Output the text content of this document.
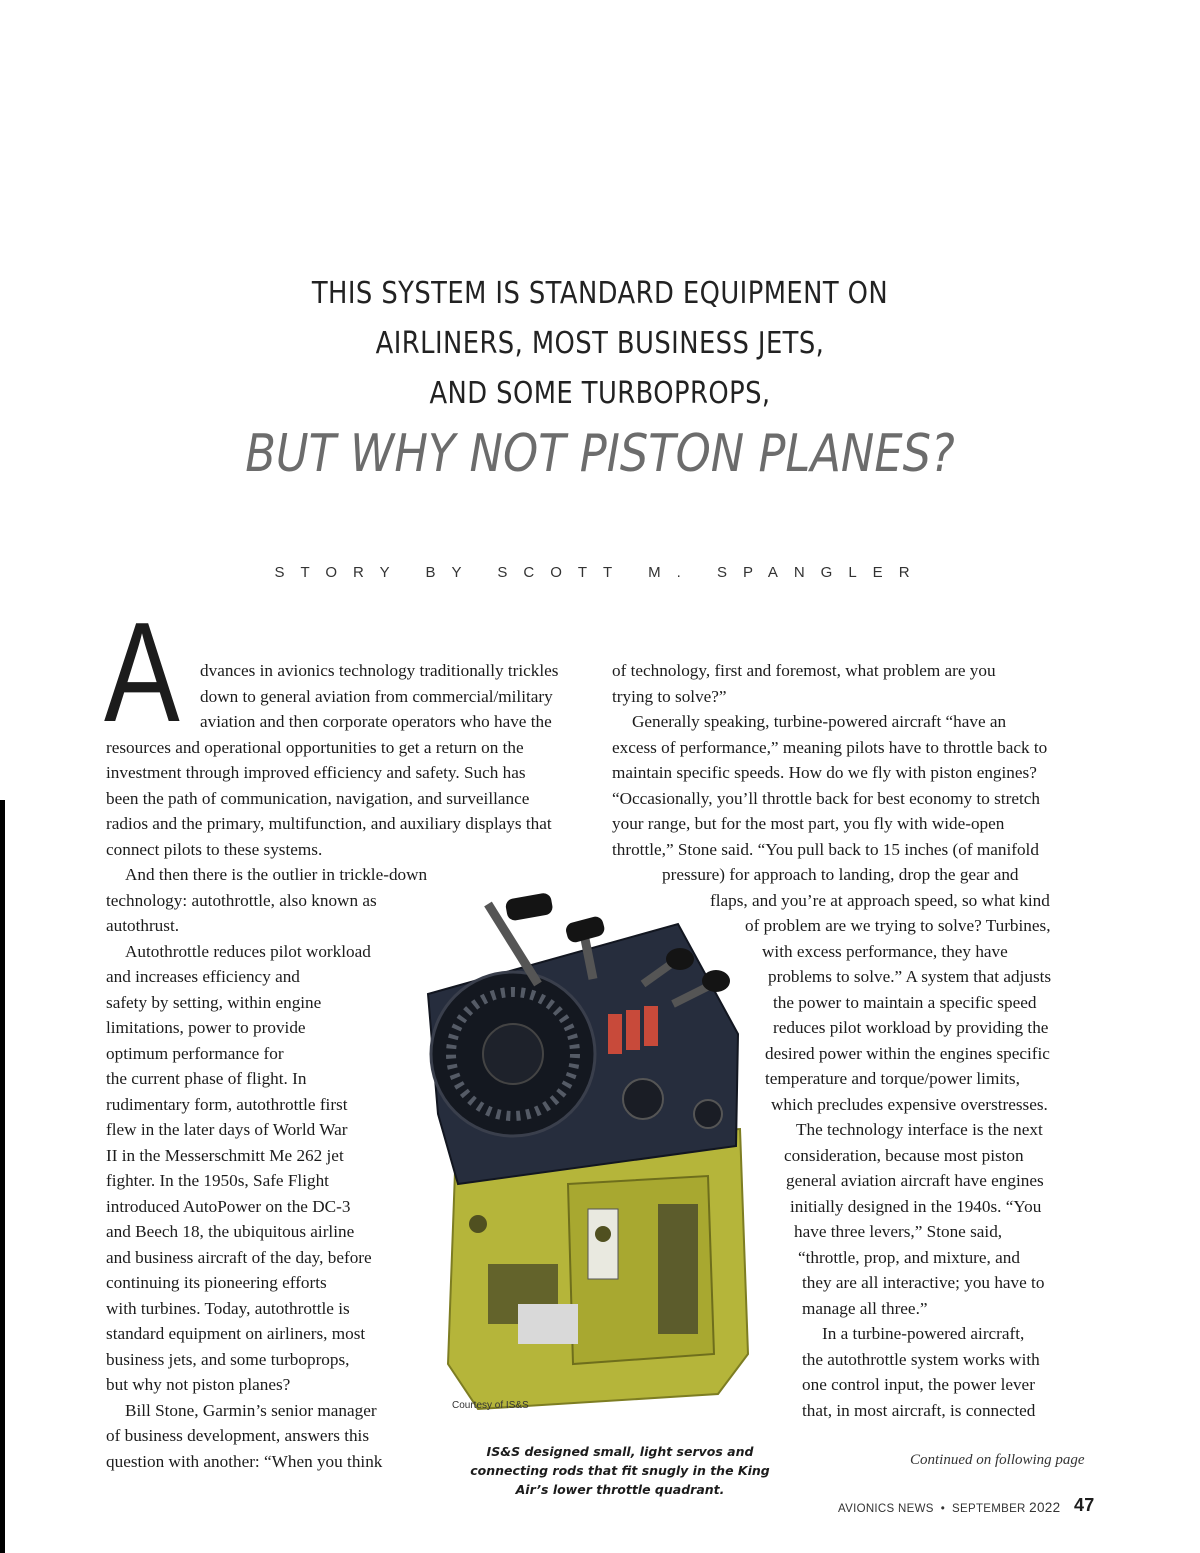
THIS SYSTEM IS STANDARD EQUIPMENT ON
AIRLINERS, MOST BUSINESS JETS,
AND SOME TURBOPROPS,
BUT WHY NOT PISTON PLANES?
STORY BY SCOTT M. SPANGLER
A dvances in avionics technology traditionally trickles
down to general aviation from commercial/military
aviation and then corporate operators who have the
resources and operational opportunities to get a return on the
investment through improved efficiency and safety. Such has
been the path of communication, navigation, and surveillance
radios and the primary, multifunction, and auxiliary displays that
connect pilots to these systems.
And then there is the outlier in trickle-down
technology: autothrottle, also known as
autothrust.
Autothrottle reduces pilot workload
and increases efficiency and
safety by setting, within engine
limitations, power to provide
optimum performance for
the current phase of flight. In
rudimentary form, autothrottle first
flew in the later days of World War
II in the Messerschmitt Me 262 jet
fighter. In the 1950s, Safe Flight
introduced AutoPower on the DC-3
and Beech 18, the ubiquitous airline
and business aircraft of the day, before
continuing its pioneering efforts
with turbines. Today, autothrottle is
standard equipment on airliners, most
business jets, and some turboprops,
but why not piston planes?
Bill Stone, Garmin’s senior manager
of business development, answers this
question with another: “When you think
of technology, first and foremost, what problem are you
trying to solve?”
Generally speaking, turbine-powered aircraft “have an
excess of performance,” meaning pilots have to throttle back to
maintain specific speeds. How do we fly with piston engines?
“Occasionally, you’ll throttle back for best economy to stretch
your range, but for the most part, you fly with wide-open
throttle,” Stone said. “You pull back to 15 inches (of manifold
pressure) for approach to landing, drop the gear and
flaps, and you’re at approach speed, so what kind
of problem are we trying to solve? Turbines,
with excess performance, they have
problems to solve.” A system that adjusts
the power to maintain a specific speed
reduces pilot workload by providing the
desired power within the engines specific
temperature and torque/power limits,
which precludes expensive overstresses.
The technology interface is the next
consideration, because most piston
general aviation aircraft have engines
initially designed in the 1940s. “You
have three levers,” Stone said,
“throttle, prop, and mixture, and
they are all interactive; you have to
manage all three.”
In a turbine-powered aircraft,
the autothrottle system works with
one control input, the power lever
that, in most aircraft, is connected
Courtesy of IS&S
IS&S designed small, light servos and connecting rods that fit snugly in the King Air’s lower throttle quadrant.
Continued on following page
AVIONICS NEWS • SEPTEMBER 2022 47
